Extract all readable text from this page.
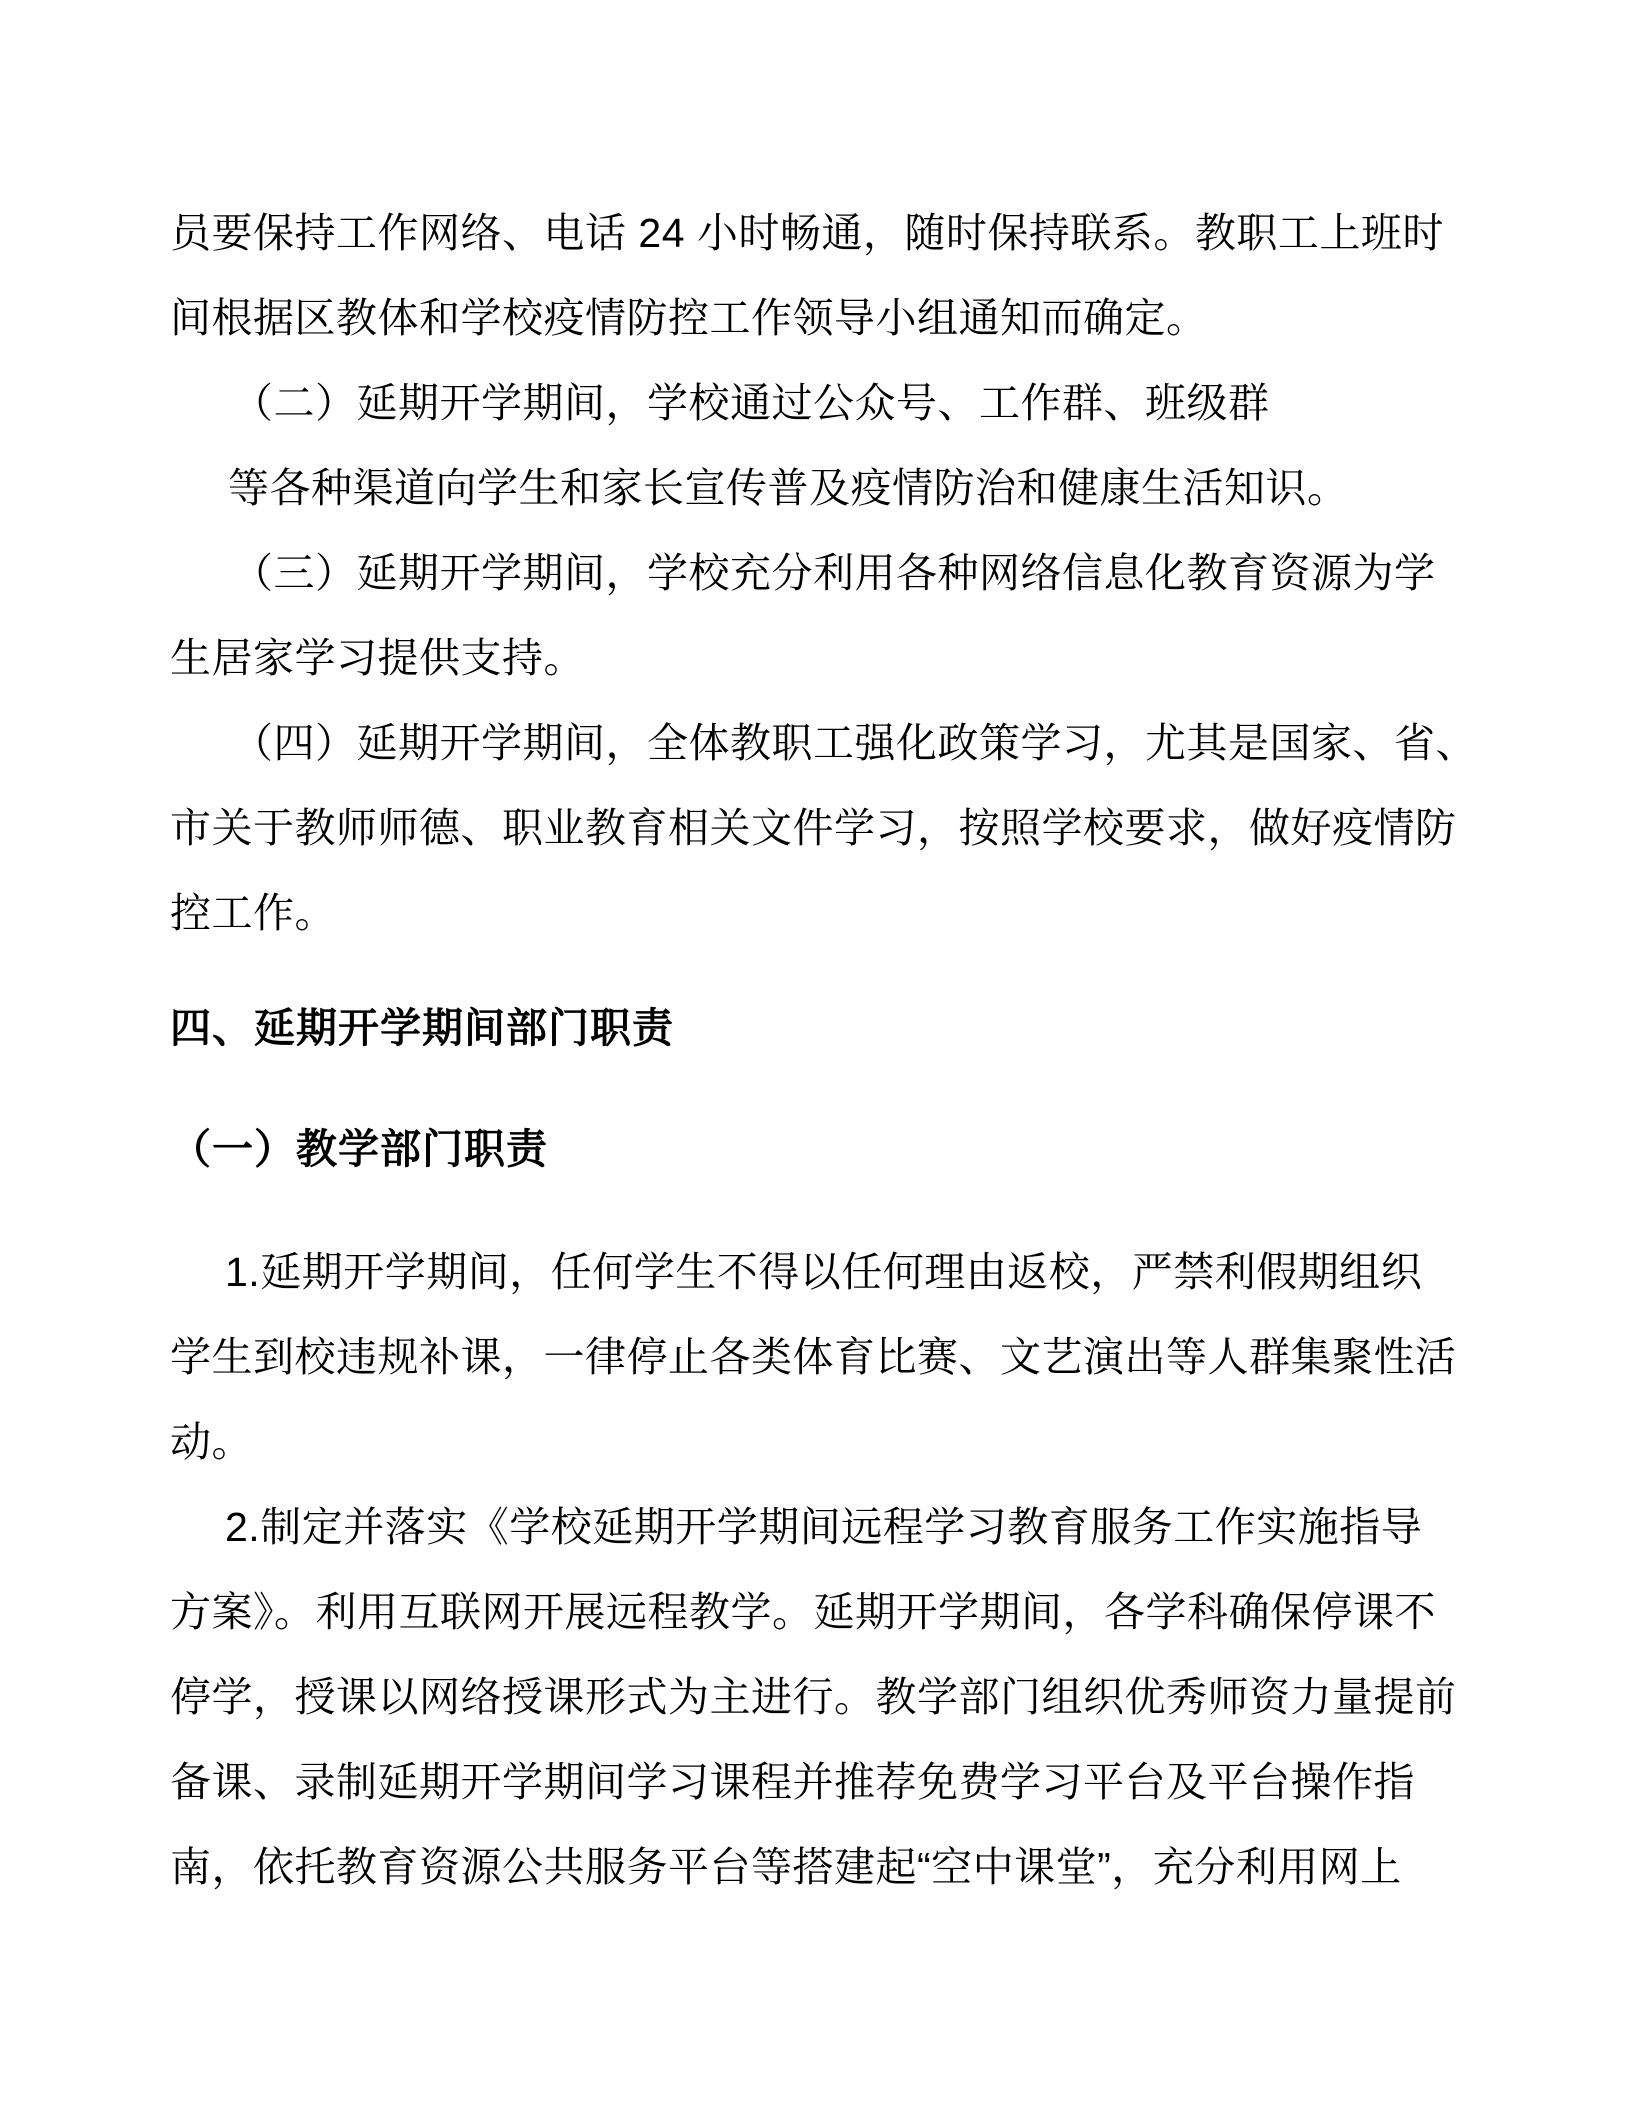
员要保持工作网络、电话 24 小时畅通，随时保持联系。教职工上班时
间根据区教体和学校疫情防控工作领导小组通知而确定。
（二）延期开学期间，学校通过公众号、工作群、班级群
等各种渠道向学生和家长宣传普及疫情防治和健康生活知识。
（三）延期开学期间，学校充分利用各种网络信息化教育资源为学
生居家学习提供支持。
（四）延期开学期间，全体教职工强化政策学习，尤其是国家、省、
市关于教师师德、职业教育相关文件学习，按照学校要求，做好疫情防
控工作。
四、延期开学期间部门职责
（一）教学部门职责
1.延期开学期间，任何学生不得以任何理由返校，严禁利假期组织
学生到校违规补课，一律停止各类体育比赛、文艺演出等人群集聚性活
动。
2.制定并落实《学校延期开学期间远程学习教育服务工作实施指导
方案》。利用互联网开展远程教学。延期开学期间，各学科确保停课不
停学，授课以网络授课形式为主进行。教学部门组织优秀师资力量提前
备课、录制延期开学期间学习课程并推荐免费学习平台及平台操作指
南，依托教育资源公共服务平台等搭建起“空中课堂”，充分利用网上
